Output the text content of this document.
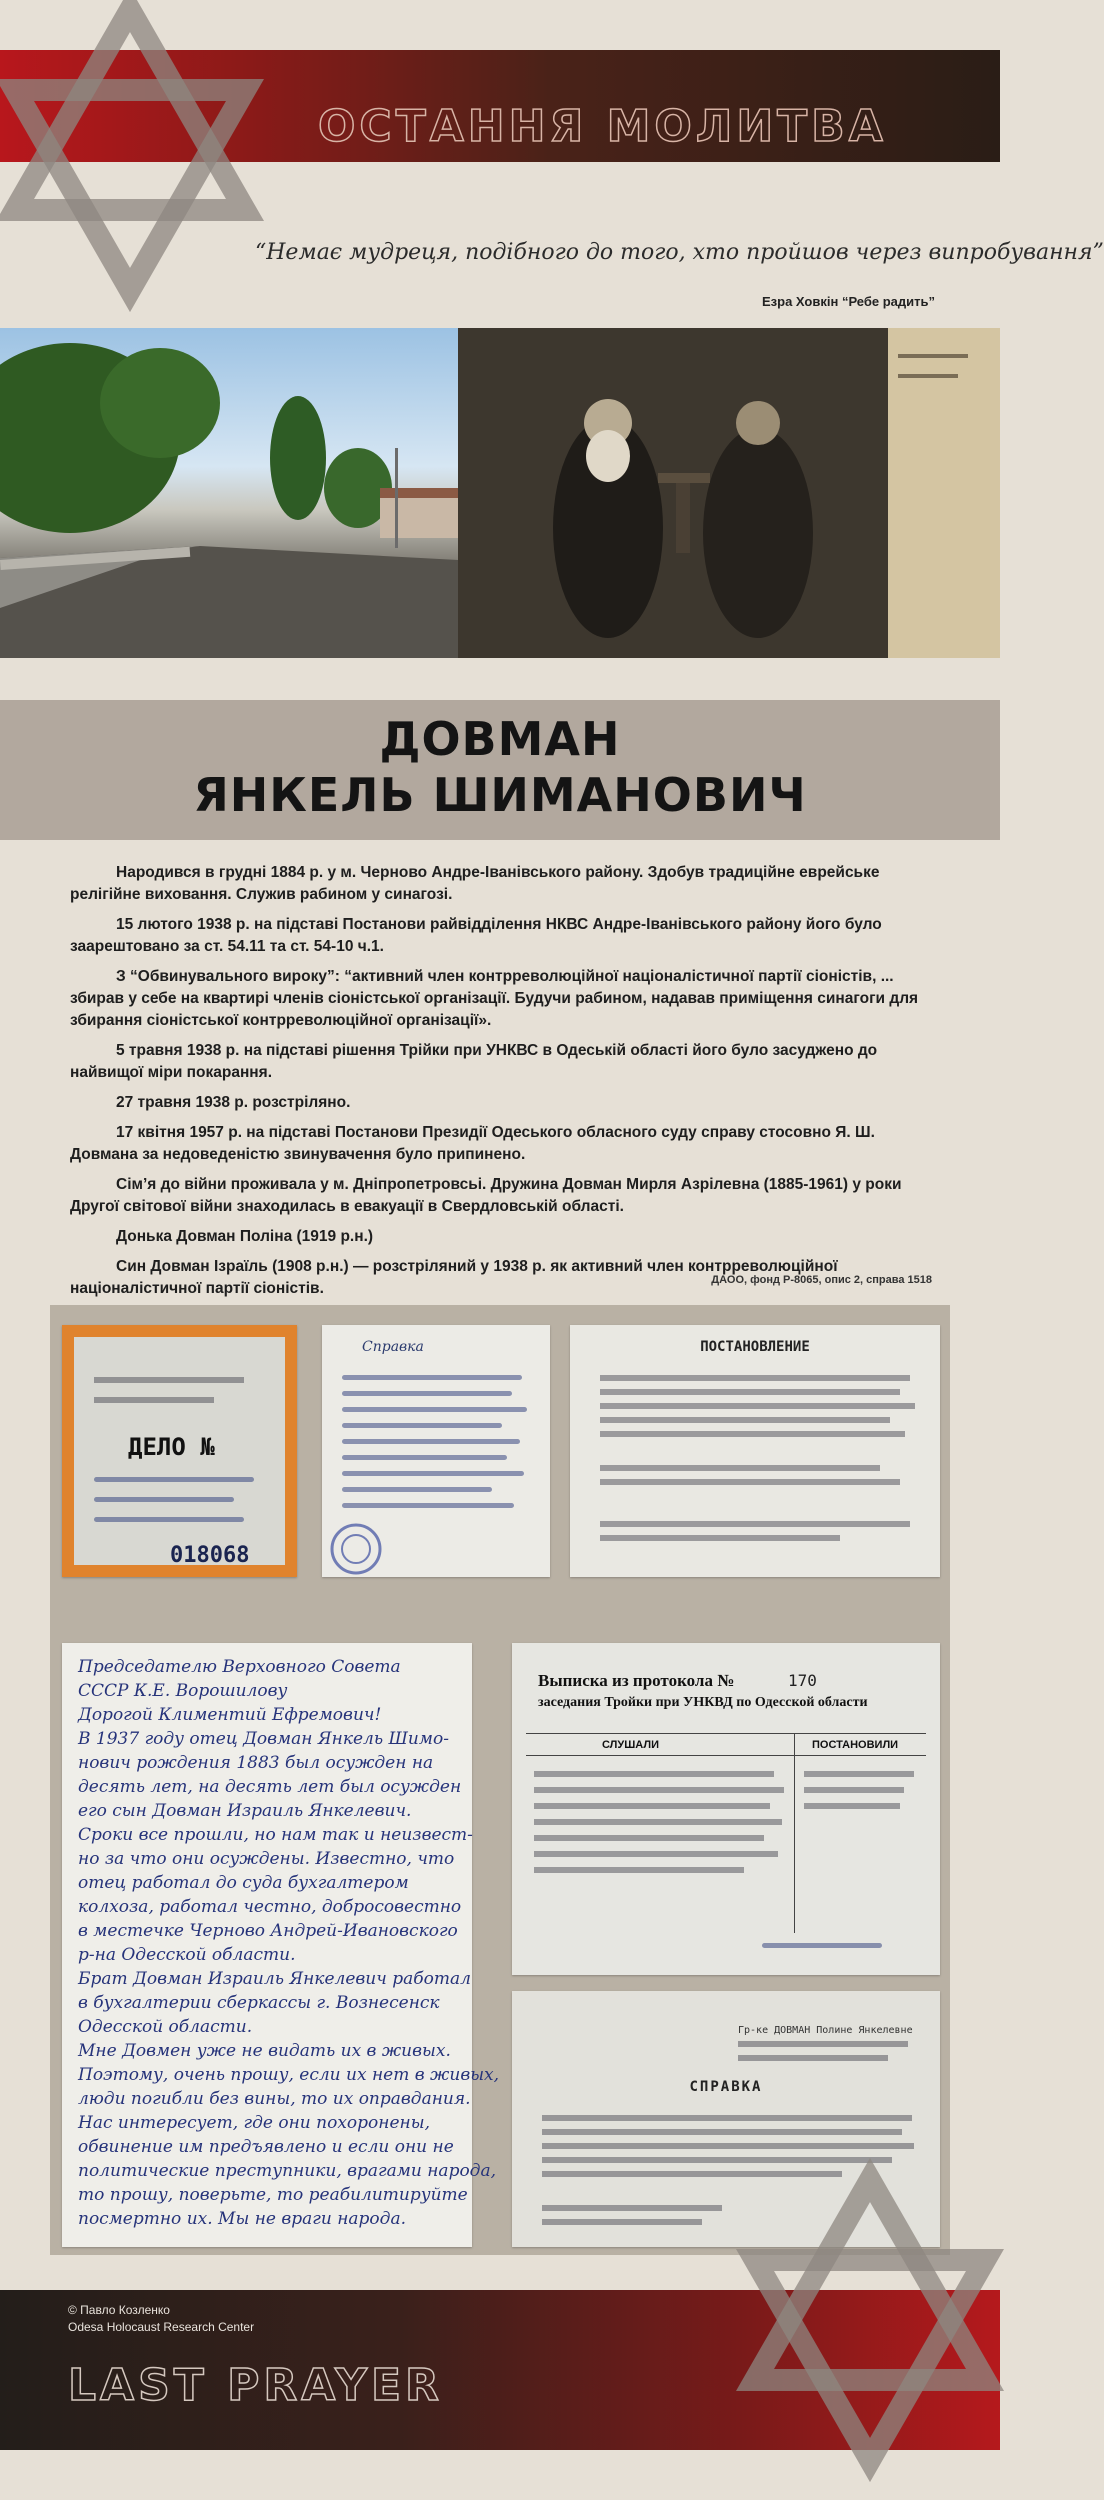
ОСТАННЯ МОЛИТВА
“Немає мудреця, подібного до того, хто пройшов через випробування”
Езра Ховкін “Ребе радить”
ДОВМАН
ЯНКЕЛЬ ШИМАНОВИЧ

Народився в грудні 1884 р. у м. Черново Андре-Іванівського району. Здобув традиційне еврейське релігійне виховання. Служив рабином у синагозі.

15 лютого 1938 р. на підставі Постанови райвідділення НКВС Андре-Іванівського району його було заарештовано за ст. 54.11 та ст. 54-10 ч.1.

З “Обвинувального вироку”: “активний член контрреволюційної націоналістичної партії сіоністів, ... збирав у себе на квартирі членів сіоністської організації. Будучи рабином, надавав приміщення синагоги для збирання сіоністської контрреволюційної організації».

5 травня 1938 р. на підставі рішення Трійки при УНКВС в Одеській області його було засуджено до найвищої міри покарання.

27 травня 1938 р. розстріляно.

17 квітня 1957 р. на підставі Постанови Президії Одеського обласного суду справу стосовно Я. Ш. Довмана за недоведеністю звинувачення було припинено.

Сім’я до війни проживала у м. Дніпропетровсьі. Дружина Довман Мирля Азрілевна (1885-1961) у роки Другої світової війни знаходилась в евакуації в Свердловській області.

Донька Довман Поліна (1919 р.н.)

Син Довман Ізраїль (1908 р.н.) — розстріляний у 1938 р. як активний член контрреволюційної націоналістичної партії сіоністів.	ДАОО, фонд Р-8065, опис 2, справа 1518
ДЕЛО №
018068
Справка	ПОСТАНОВЛЕНИЕ
Председателю Верховного Совета
СССР К.Е. Ворошилову
Дорогой Климентий Ефремович!
В 1937 году отец Довман Янкель Шимо-
нович рождения 1883 был осужден на
десять лет, на десять лет был осужден
его сын Довман Израиль Янкелевич.
Сроки все прошли, но нам так и неизвест-
но за что они осуждены. Известно, что
отец работал до суда бухгалтером
колхоза, работал честно, добросовестно
в местечке Черново Андрей-Ивановского
р-на Одесской области.
Брат Довман Израиль Янкелевич работал
в бухгалтерии сберкассы г. Вознесенск
Одесской области.
Мне Довмен уже не видать их в живых.
Поэтому, очень прошу, если их нет в живых,
люди погибли без вины, то их оправдания.
Нас интересует, где они похоронены,
обвинение им предъявлено и если они не
политические преступники, врагами народа,
то прошу, поверьте, то реабилитируйте
посмертно их. Мы не враги народа.
Выписка из протокола №	170
заседания Тройки при УНКВД по Одесской области
СЛУШАЛИ	ПОСТАНОВИЛИ
Гр-ке ДОВМАН Полине Янкелевне
СПРАВКА
© Павло Козленко
Odesa Holocaust Research Center
LAST PRAYER
